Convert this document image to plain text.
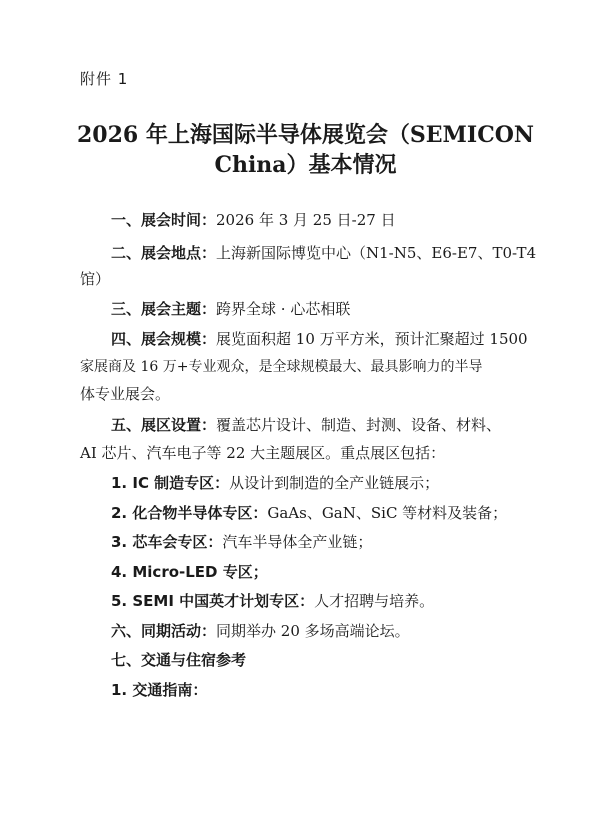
附件 1
2026 年上海国际半导体展览会（SEMICON
China）基本情况
一、展会时间：2026 年 3 月 25 日-27 日
二、展会地点：上海新国际博览中心（N1-N5、E6-E7、T0-T4
馆）
三、展会主题：跨界全球 · 心芯相联
四、展会规模：展览面积超 10 万平方米，预计汇聚超过 1500
家展商及 16 万+专业观众，是全球规模最大、最具影响力的半导
体专业展会。
五、展区设置：覆盖芯片设计、制造、封测、设备、材料、
AI 芯片、汽车电子等 22 大主题展区。重点展区包括：
1. IC 制造专区：从设计到制造的全产业链展示；
2. 化合物半导体专区：GaAs、GaN、SiC 等材料及装备；
3. 芯车会专区：汽车半导体全产业链；
4. Micro-LED 专区；
5. SEMI 中国英才计划专区：人才招聘与培养。
六、同期活动：同期举办 20 多场高端论坛。
七、交通与住宿参考
1. 交通指南：
